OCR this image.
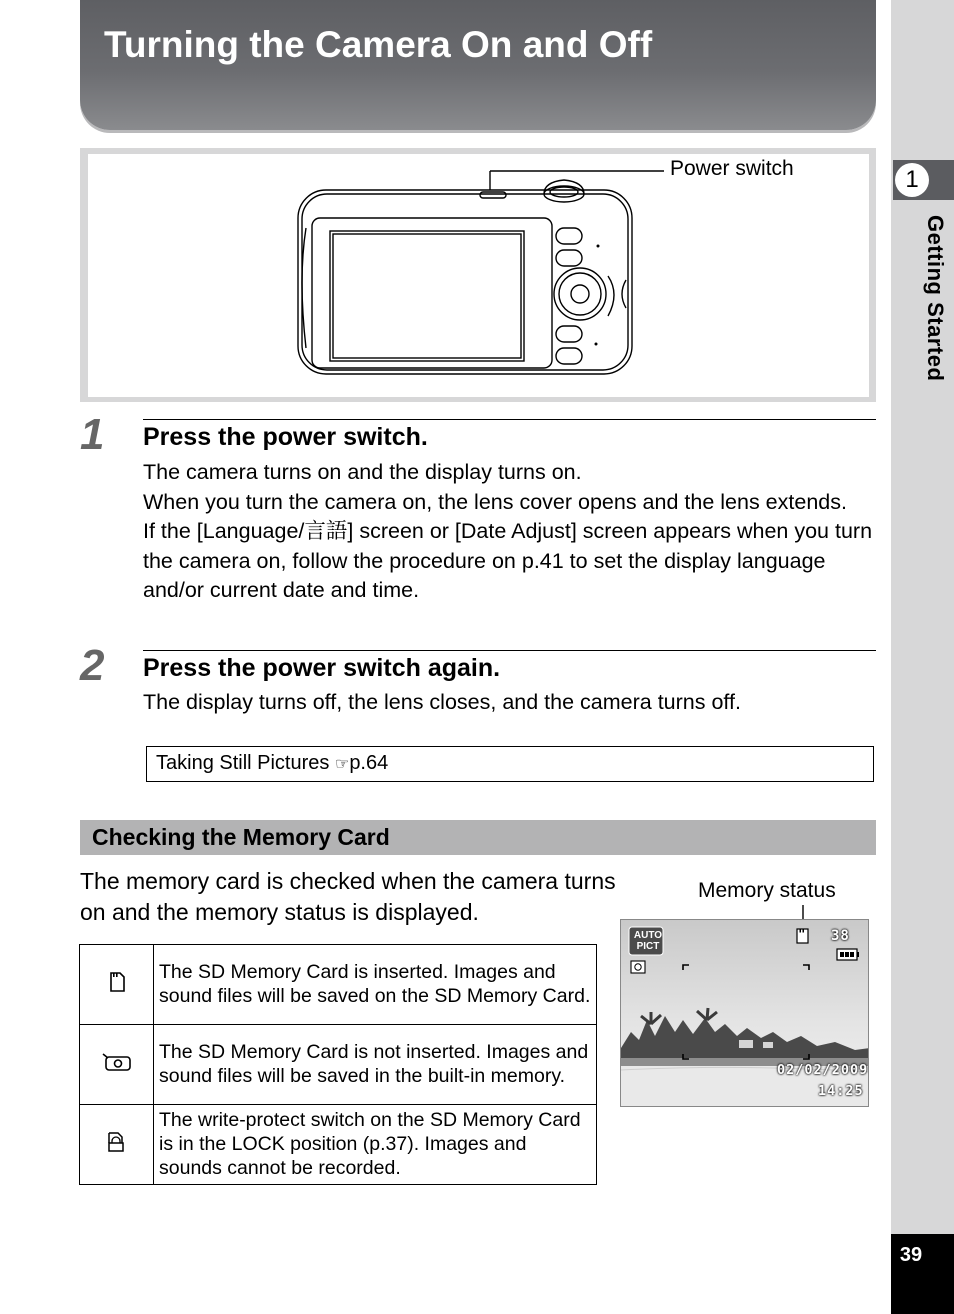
1
Getting Started
39
Turning the Camera On and Off
Power switch
1 Press the power switch.
The camera turns on and the display turns on.
When you turn the camera on, the lens cover opens and the lens extends.
If the [Language/言語] screen or [Date Adjust] screen appears when you turn the camera on, follow the procedure on p.41 to set the display language and/or current date and time.
2 Press the power switch again.
The display turns off, the lens closes, and the camera turns off.
Taking Still Pictures ☞p.64
Checking the Memory Card
The memory card is checked when the camera turns on and the memory status is displayed.
	The SD Memory Card is inserted. Images and sound files will be saved on the SD Memory Card.
	The SD Memory Card is not inserted. Images and sound files will be saved in the built-in memory.
	The write-protect switch on the SD Memory Card is in the LOCK position (p.37). Images and sounds cannot be recorded.
Memory status
AUTO
PICT
38
02/02/2009
14:25
